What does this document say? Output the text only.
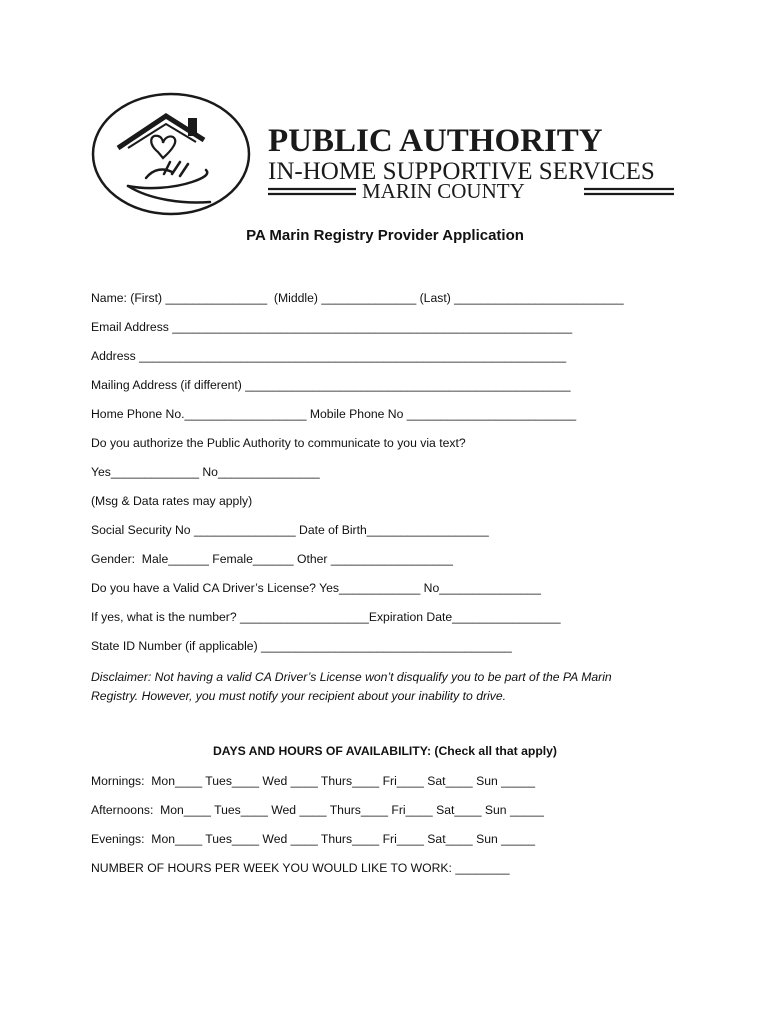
PUBLIC AUTHORITY
IN-HOME SUPPORTIVE SERVICES
MARIN COUNTY
PA Marin Registry Provider Application
Name: (First) _______________  (Middle) ______________ (Last) _________________________
Email Address ___________________________________________________________
Address _______________________________________________________________
Mailing Address (if different) ________________________________________________
Home Phone No.__________________ Mobile Phone No _________________________
Do you authorize the Public Authority to communicate to you via text?
Yes_____________ No_______________
(Msg & Data rates may apply)
Social Security No _______________ Date of Birth__________________
Gender:  Male______ Female______ Other __________________
Do you have a Valid CA Driver’s License? Yes____________ No_______________
If yes, what is the number? ___________________Expiration Date________________
State ID Number (if applicable) _____________________________________
Disclaimer: Not having a valid CA Driver’s License won’t disqualify you to be part of the PA Marin
Registry. However, you must notify your recipient about your inability to drive.
DAYS AND HOURS OF AVAILABILITY: (Check all that apply)
Mornings:  Mon____ Tues____ Wed ____ Thurs____ Fri____ Sat____ Sun _____
Afternoons:  Mon____ Tues____ Wed ____ Thurs____ Fri____ Sat____ Sun _____
Evenings:  Mon____ Tues____ Wed ____ Thurs____ Fri____ Sat____ Sun _____
NUMBER OF HOURS PER WEEK YOU WOULD LIKE TO WORK: ________
